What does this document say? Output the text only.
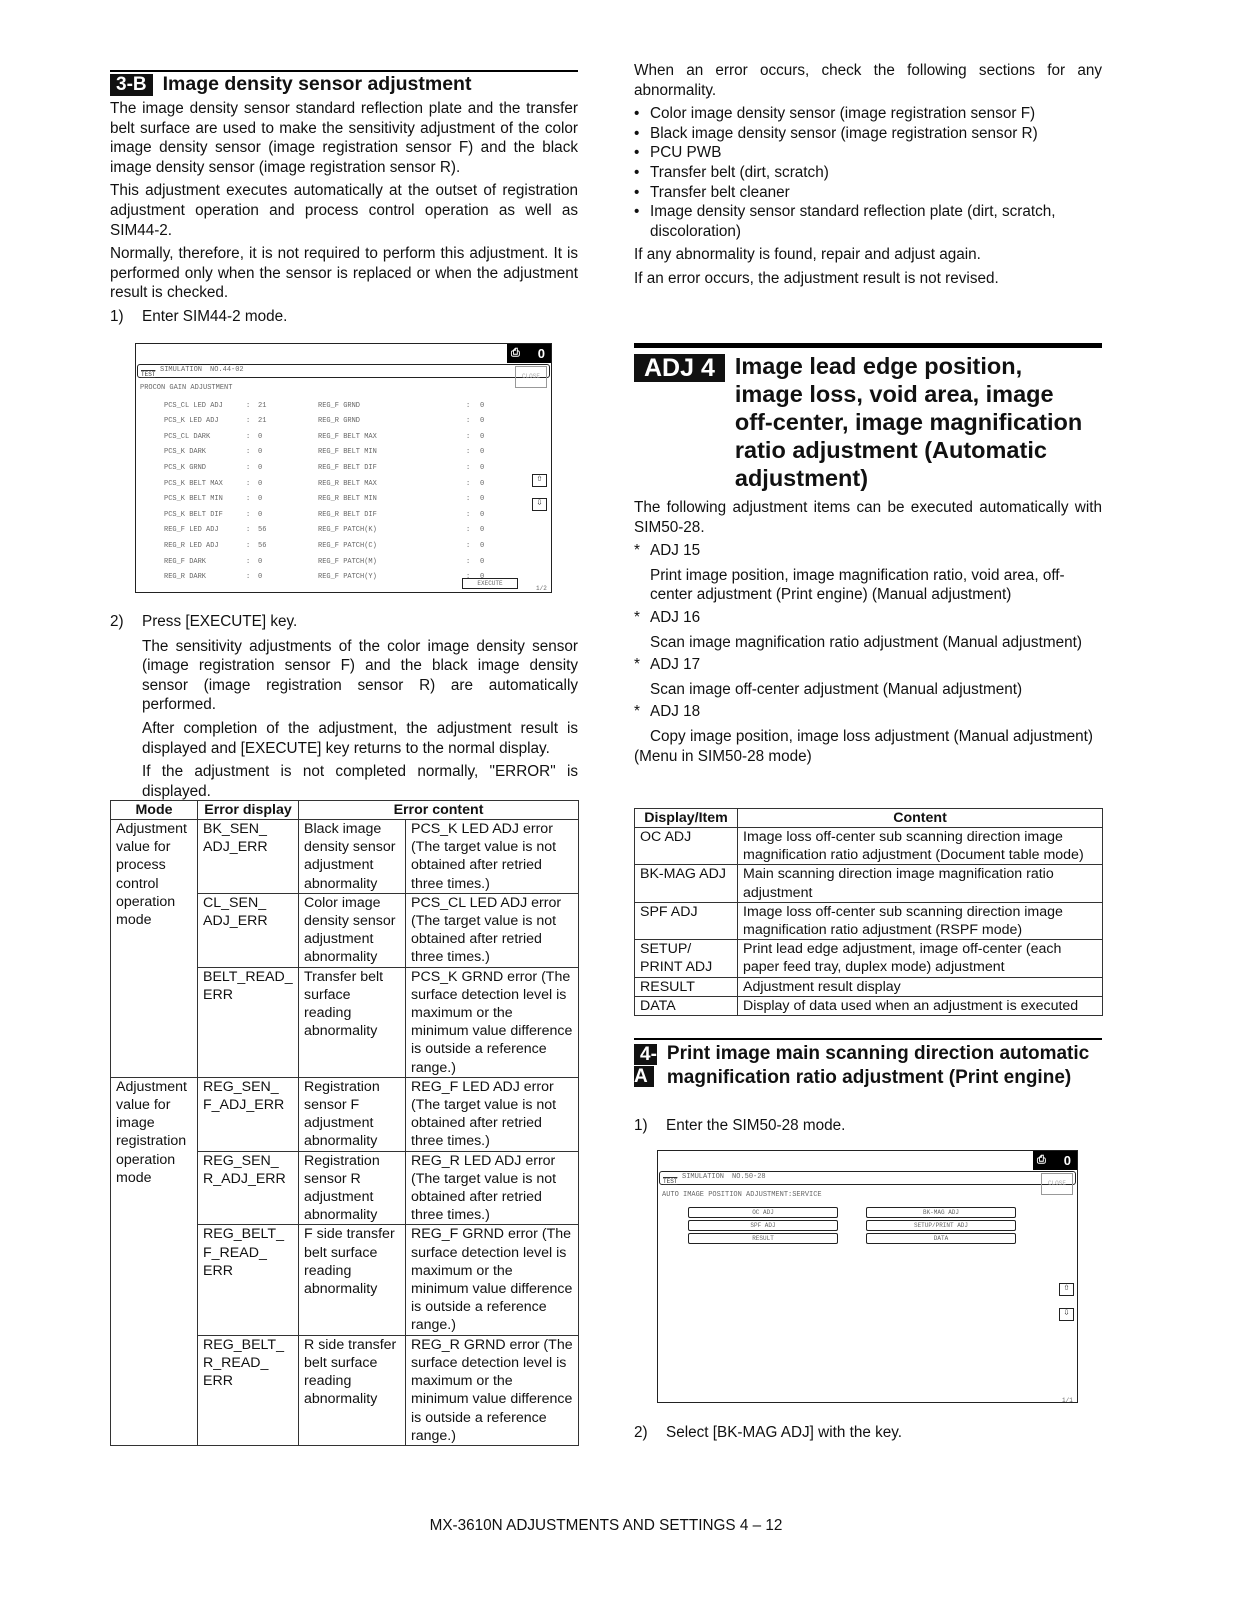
3-B Image density sensor adjustment

The image density sensor standard reflection plate and the transfer belt surface are used to make the sensitivity adjustment of the color image density sensor (image registration sensor F) and the black image density sensor (image registration sensor R).

This adjustment executes automatically at the outset of registration adjustment operation and process control operation as well as SIM44-2.

Normally, therefore, it is not required to perform this adjustment. It is performed only when the sensor is replaced or when the adjustment result is checked.

1)	Enter SIM44-2 mode.
⎙ 0
TEST
SIMULATION NO.44-02
CLOSE
PROCON GAIN ADJUSTMENT
PCS_CL LED ADJ	: 21	REG_F GRND	: 0
PCS_K LED ADJ	: 21	REG_R GRND	: 0
PCS_CL DARK	: 0	REG_F BELT MAX	: 0
PCS_K DARK	: 0	REG_F BELT MIN	: 0
PCS_K GRND	: 0	REG_F BELT DIF	: 0
PCS_K BELT MAX	: 0	REG_R BELT MAX	: 0
PCS_K BELT MIN	: 0	REG_R BELT MIN	: 0
PCS_K BELT DIF	: 0	REG_R BELT DIF	: 0
REG_F LED ADJ	: 56	REG_F PATCH(K)	: 0
REG_R LED ADJ	: 56	REG_F PATCH(C)	: 0
REG_F DARK	: 0	REG_F PATCH(M)	: 0
REG_R DARK	: 0	REG_F PATCH(Y)	: 0
⇧
⇩
EXECUTE
1/2
2)	Press [EXECUTE] key.

The sensitivity adjustments of the color image density sensor (image registration sensor F) and the black image density sensor (image registration sensor R) are automatically performed.

After completion of the adjustment, the adjustment result is displayed and [EXECUTE] key returns to the normal display.

If the adjustment is not completed normally, "ERROR" is displayed.

Mode	Error display	Error content	
Adjustment value for process control operation mode	BK_SEN_ ADJ_ERR	Black image density sensor adjustment abnormality	PCS_K LED ADJ error (The target value is not obtained after retried three times.)
	CL_SEN_ ADJ_ERR	Color image density sensor adjustment abnormality	PCS_CL LED ADJ error (The target value is not obtained after retried three times.)
	BELT_READ_ ERR	Transfer belt surface reading abnormality	PCS_K GRND error (The surface detection level is maximum or the minimum value difference is outside a reference range.)
Adjustment value for image registration operation mode	REG_SEN_ F_ADJ_ERR	Registration sensor F adjustment abnormality	REG_F LED ADJ error (The target value is not obtained after retried three times.)
	REG_SEN_ R_ADJ_ERR	Registration sensor R adjustment abnormality	REG_R LED ADJ error (The target value is not obtained after retried three times.)
	REG_BELT_ F_READ_ ERR	F side transfer belt surface reading abnormality	REG_F GRND error (The surface detection level is maximum or the minimum value difference is outside a reference range.)
	REG_BELT_ R_READ_ ERR	R side transfer belt surface reading abnormality	REG_R GRND error (The surface detection level is maximum or the minimum value difference is outside a reference range.)

When an error occurs, check the following sections for any abnormality.

• Color image density sensor (image registration sensor F)
• Black image density sensor (image registration sensor R)
• PCU PWB
• Transfer belt (dirt, scratch)
• Transfer belt cleaner
• Image density sensor standard reflection plate (dirt, scratch, discoloration)

If any abnormality is found, repair and adjust again.

If an error occurs, the adjustment result is not revised.

ADJ 4 Image lead edge position, image loss, void area, image off-center, image magnification ratio adjustment (Automatic adjustment)

The following adjustment items can be executed automatically with SIM50-28.

* ADJ 15
Print image position, image magnification ratio, void area, off-center adjustment (Print engine) (Manual adjustment)
* ADJ 16
Scan image magnification ratio adjustment (Manual adjustment)
* ADJ 17
Scan image off-center adjustment (Manual adjustment)
* ADJ 18
Copy image position, image loss adjustment (Manual adjustment)

(Menu in SIM50-28 mode)

Display/Item	Content
OC ADJ	Image loss off-center sub scanning direction image magnification ratio adjustment (Document table mode)
BK-MAG ADJ	Main scanning direction image magnification ratio adjustment
SPF ADJ	Image loss off-center sub scanning direction image magnification ratio adjustment (RSPF mode)
SETUP/ PRINT ADJ	Print lead edge adjustment, image off-center (each paper feed tray, duplex mode) adjustment
RESULT	Adjustment result display
DATA	Display of data used when an adjustment is executed
4-A
Print image main scanning direction automatic magnification ratio adjustment (Print engine)
1)	Enter the SIM50-28 mode.
⎙ 0
TEST
SIMULATION NO.50-28
CLOSE
AUTO IMAGE POSITION ADJUSTMENT:SERVICE
OC ADJ	BK-MAG ADJ
SPF ADJ	SETUP/PRINT ADJ
RESULT	DATA
⇧
⇩
1/1
2)	Select [BK-MAG ADJ] with the key.
MX-3610N ADJUSTMENTS AND SETTINGS 4 – 12
